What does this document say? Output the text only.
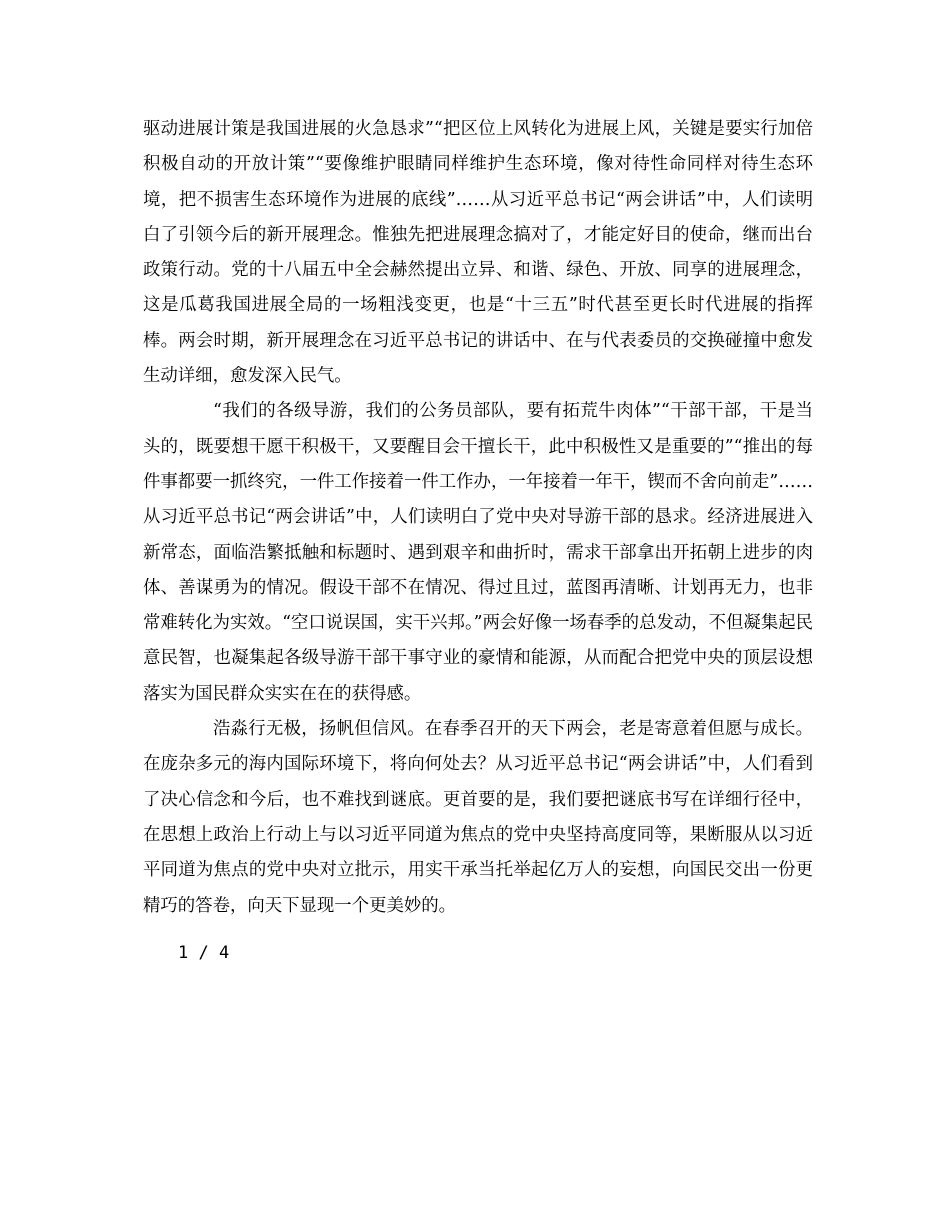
驱动进展计策是我国进展的火急恳求”“把区位上风转化为进展上风，关键是要实行加倍积极自动的开放计策”“要像维护眼睛同样维护生态环境，像对待性命同样对待生态环境，把不损害生态环境作为进展的底线”……从习近平总书记“两会讲话”中，人们读明白了引领今后的新开展理念。惟独先把进展理念搞对了，才能定好目的使命，继而出台政策行动。党的十八届五中全会赫然提出立异、和谐、绿色、开放、同享的进展理念，这是瓜葛我国进展全局的一场粗浅变更，也是“十三五”时代甚至更长时代进展的指挥棒。两会时期，新开展理念在习近平总书记的讲话中、在与代表委员的交换碰撞中愈发生动详细，愈发深入民气。

“我们的各级导游，我们的公务员部队，要有拓荒牛肉体”“干部干部，干是当头的，既要想干愿干积极干，又要醒目会干擅长干，此中积极性又是重要的”“推出的每件事都要一抓终究，一件工作接着一件工作办，一年接着一年干，锲而不舍向前走”……从习近平总书记“两会讲话”中，人们读明白了党中央对导游干部的恳求。经济进展进入新常态，面临浩繁抵触和标题时、遇到艰辛和曲折时，需求干部拿出开拓朝上进步的肉体、善谋勇为的情况。假设干部不在情况、得过且过，蓝图再清晰、计划再无力，也非常难转化为实效。“空口说误国，实干兴邦。”两会好像一场春季的总发动，不但凝集起民意民智，也凝集起各级导游干部干事守业的豪情和能源，从而配合把党中央的顶层设想落实为国民群众实实在在的获得感。

浩淼行无极，扬帆但信风。在春季召开的天下两会，老是寄意着但愿与成长。在庞杂多元的海内国际环境下，将向何处去？从习近平总书记“两会讲话”中，人们看到了决心信念和今后，也不难找到谜底。更首要的是，我们要把谜底书写在详细行径中，在思想上政治上行动上与以习近平同道为焦点的党中央坚持高度同等，果断服从以习近平同道为焦点的党中央对立批示，用实干承当托举起亿万人的妄想，向国民交出一份更精巧的答卷，向天下显现一个更美妙的。

1 / 4
